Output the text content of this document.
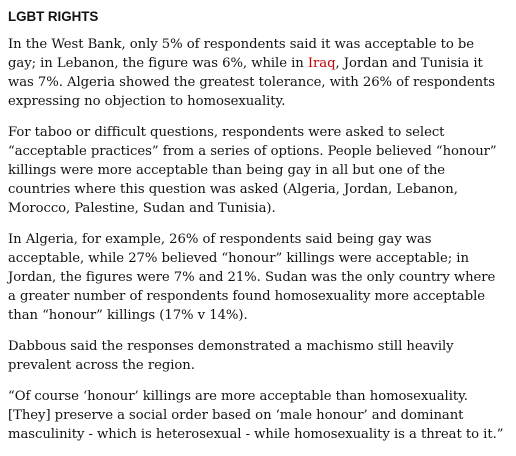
LGBT RIGHTS

In the West Bank, only 5% of respondents said it was acceptable to be gay; in Lebanon, the figure was 6%, while in Iraq, Jordan and Tunisia it was 7%. Algeria showed the greatest tolerance, with 26% of respondents expressing no objection to homosexuality.

For taboo or difficult questions, respondents were asked to select “acceptable practices” from a series of options. People believed “honour” killings were more acceptable than being gay in all but one of the countries where this question was asked (Algeria, Jordan, Lebanon, Morocco, Palestine, Sudan and Tunisia).

In Algeria, for example, 26% of respondents said being gay was acceptable, while 27% believed “honour” killings were acceptable; in Jordan, the figures were 7% and 21%. Sudan was the only country where a greater number of respondents found homosexuality more acceptable than “honour” killings (17% v 14%).

Dabbous said the responses demonstrated a machismo still heavily prevalent across the region.

“Of course ‘honour’ killings are more acceptable than homosexuality. [They] preserve a social order based on ‘male honour’ and dominant masculinity - which is heterosexual - while homosexuality is a threat to it.”
